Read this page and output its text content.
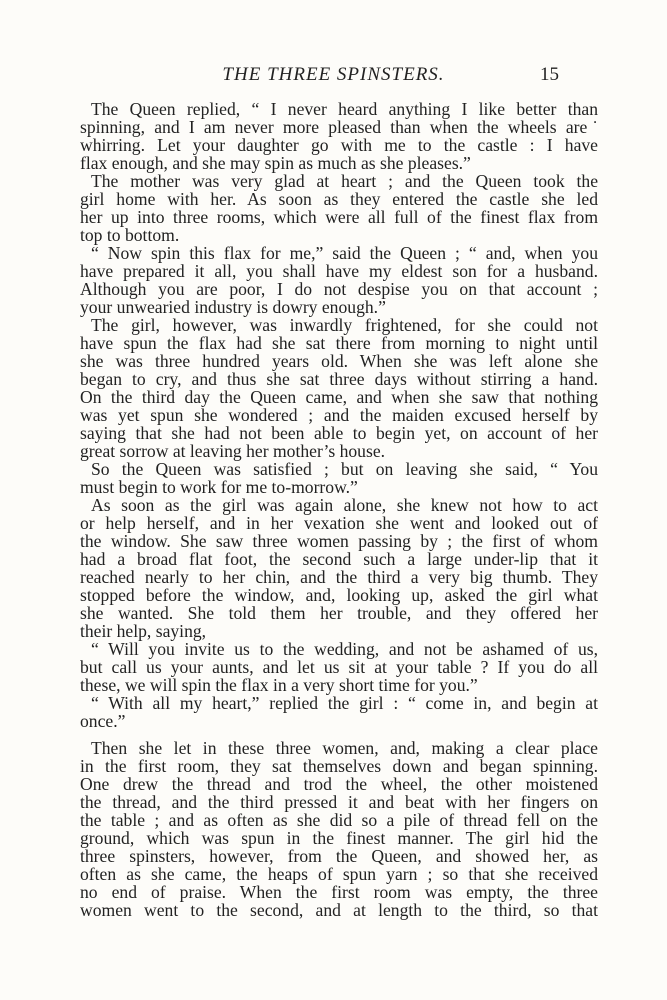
THE THREE SPINSTERS.	15
The Queen replied, “ I never heard anything I like better than
spinning, and I am never more pleased than when the wheels are˙
whirring. Let your daughter go with me to the castle : I have
flax enough, and she may spin as much as she pleases.”
The mother was very glad at heart ; and the Queen took the
girl home with her. As soon as they entered the castle she led
her up into three rooms, which were all full of the finest flax from
top to bottom.
“ Now spin this flax for me,” said the Queen ; “ and, when you
have prepared it all, you shall have my eldest son for a husband.
Although you are poor, I do not despise you on that account ;
your unwearied industry is dowry enough.”
The girl, however, was inwardly frightened, for she could not
have spun the flax had she sat there from morning to night until
she was three hundred years old. When she was left alone she
began to cry, and thus she sat three days without stirring a hand.
On the third day the Queen came, and when she saw that nothing
was yet spun she wondered ; and the maiden excused herself by
saying that she had not been able to begin yet, on account of her
great sorrow at leaving her mother’s house.
So the Queen was satisfied ; but on leaving she said, “ You
must begin to work for me to-morrow.”
As soon as the girl was again alone, she knew not how to act
or help herself, and in her vexation she went and looked out of
the window. She saw three women passing by ; the first of whom
had a broad flat foot, the second such a large under-lip that it
reached nearly to her chin, and the third a very big thumb. They
stopped before the window, and, looking up, asked the girl what
she wanted. She told them her trouble, and they offered her
their help, saying,
“ Will you invite us to the wedding, and not be ashamed of us,
but call us your aunts, and let us sit at your table ? If you do all
these, we will spin the flax in a very short time for you.”
“ With all my heart,” replied the girl : “ come in, and begin at
once.”
Then she let in these three women, and, making a clear place
in the first room, they sat themselves down and began spinning.
One drew the thread and trod the wheel, the other moistened
the thread, and the third pressed it and beat with her fingers on
the table ; and as often as she did so a pile of thread fell on the
ground, which was spun in the finest manner. The girl hid the
three spinsters, however, from the Queen, and showed her, as
often as she came, the heaps of spun yarn ; so that she received
no end of praise. When the first room was empty, the three
women went to the second, and at length to the third, so that
